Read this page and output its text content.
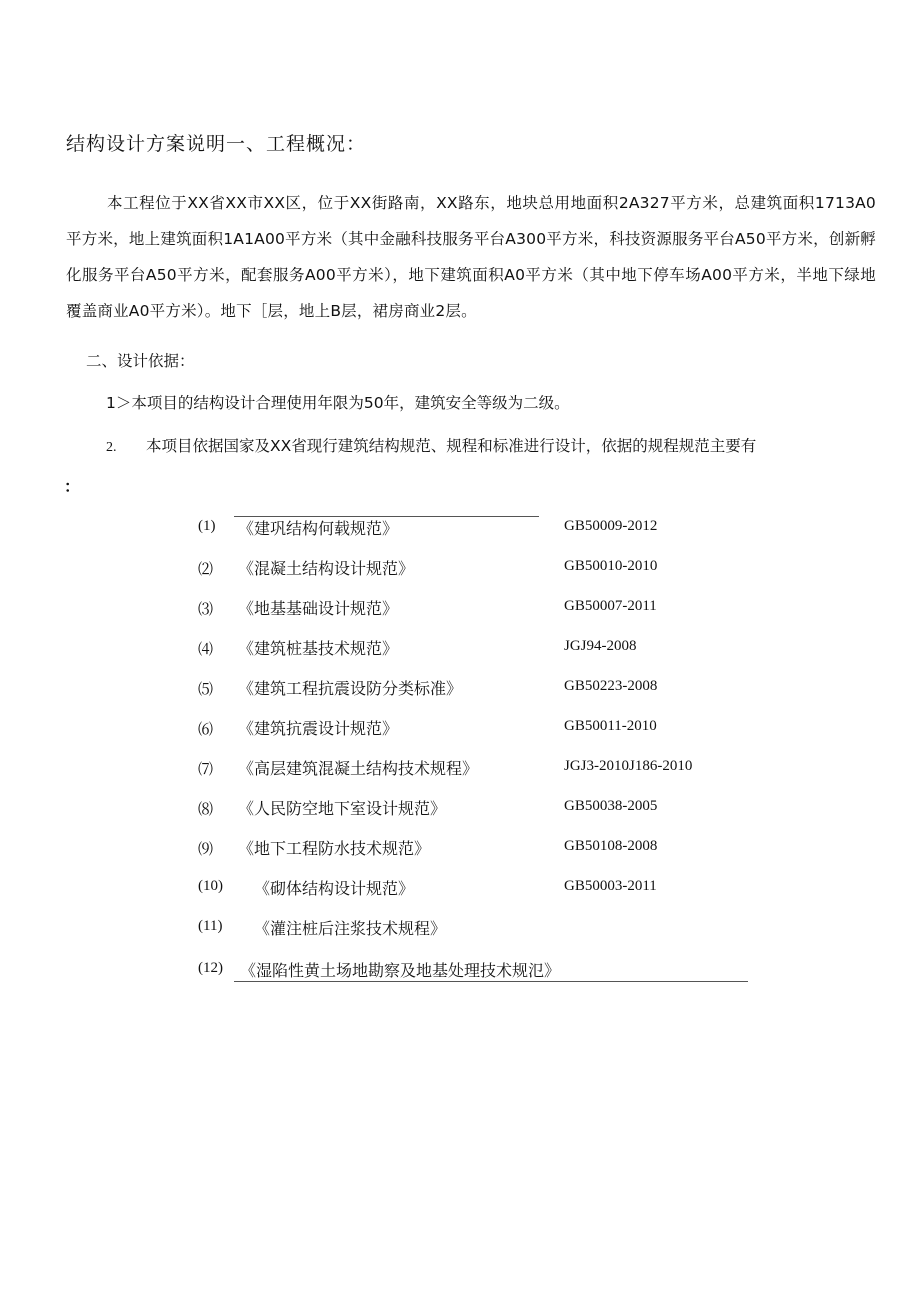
结构设计方案说明一、工程概况：
本工程位于XX省XX市XX区，位于XX街路南，XX路东，地块总用地面积2A327平方米，总建筑面积1713A0平方米，地上建筑面积1A1A00平方米（其中金融科技服务平台A300平方米，科技资源服务平台A50平方米，创新孵化服务平台A50平方米，配套服务A00平方米），地下建筑面积A0平方米（其中地下停车场A00平方米，半地下绿地覆盖商业A0平方米）。地下［层，地上B层，裙房商业2层。
二、设计依据：
1＞本项目的结构设计合理使用年限为50年，建筑安全等级为二级。
2. 本项目依据国家及XX省现行建筑结构规范、规程和标准进行设计，依据的规程规范主要有
：
(1) 《建巩结构何载规范》	GB50009-2012
⑵ 《混凝土结构设计规范》	GB50010-2010
⑶ 《地基基础设计规范》	GB50007-2011
⑷ 《建筑桩基技术规范》	JGJ94-2008
⑸ 《建筑工程抗震设防分类标准》	GB50223-2008
⑹ 《建筑抗震设计规范》	GB50011-2010
⑺ 《高层建筑混凝土结构技术规程》	JGJ3-2010J186-2010
⑻ 《人民防空地下室设计规范》	GB50038-2005
⑼ 《地下工程防水技术规范》	GB50108-2008
(10) 《砌体结构设计规范》	GB50003-2011
(11) 《灌注桩后注浆技术规程》
(12) 《湿陷性黄土场地勘察及地基处理技术规氾》
